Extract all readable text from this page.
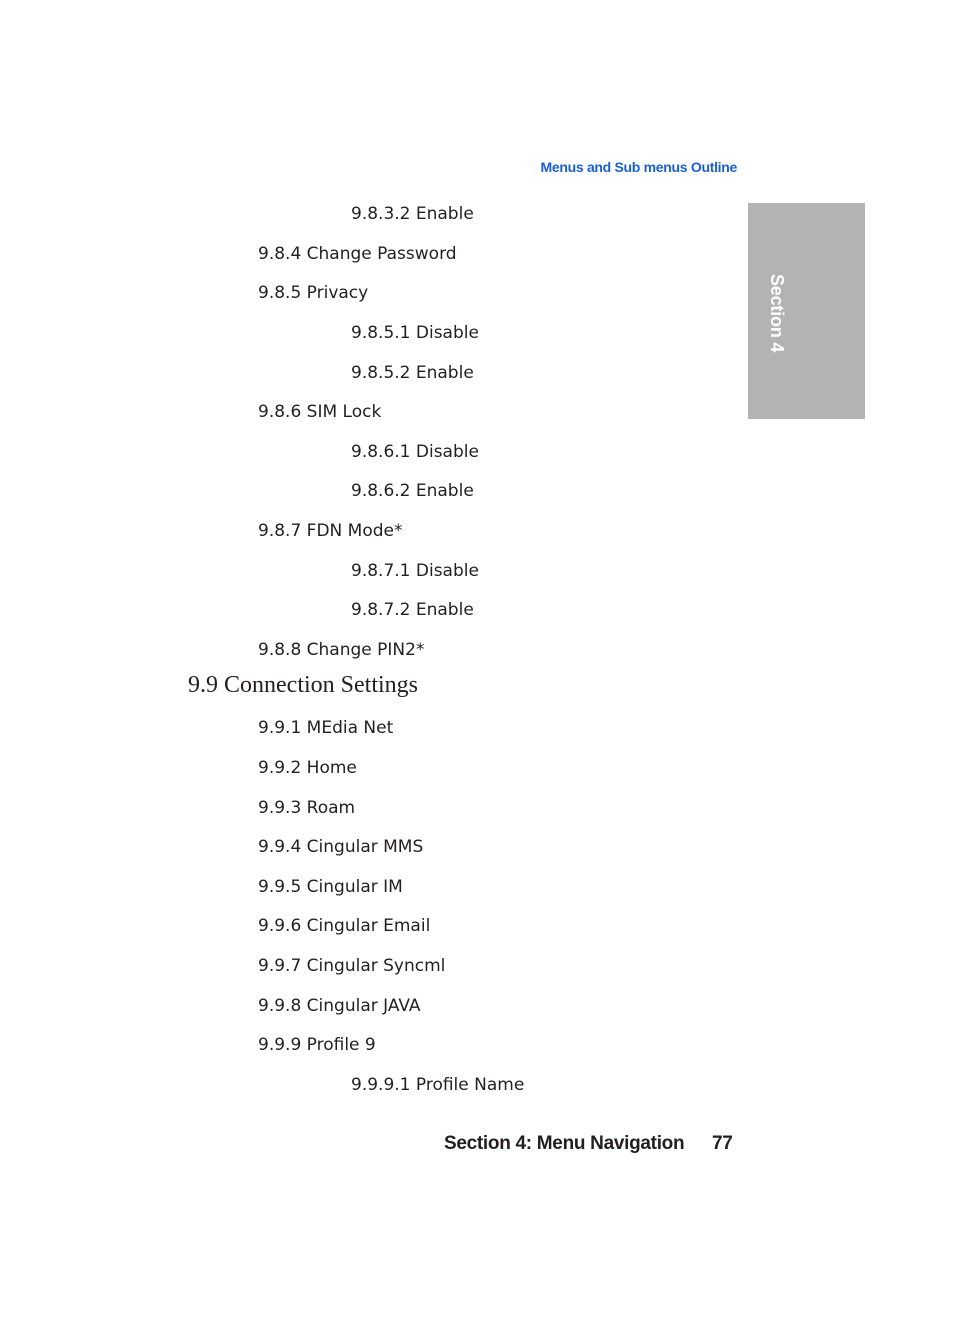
Menus and Sub menus Outline
Section 4
9.8.3.2 Enable
9.8.4 Change Password
9.8.5 Privacy
9.8.5.1 Disable
9.8.5.2 Enable
9.8.6 SIM Lock
9.8.6.1 Disable
9.8.6.2 Enable
9.8.7 FDN Mode*
9.8.7.1 Disable
9.8.7.2 Enable
9.8.8 Change PIN2*
9.9 Connection Settings
9.9.1 MEdia Net
9.9.2 Home
9.9.3 Roam
9.9.4 Cingular MMS
9.9.5 Cingular IM
9.9.6 Cingular Email
9.9.7 Cingular Syncml
9.9.8 Cingular JAVA
9.9.9 Profile 9
9.9.9.1 Profile Name
Section 4: Menu Navigation 77
